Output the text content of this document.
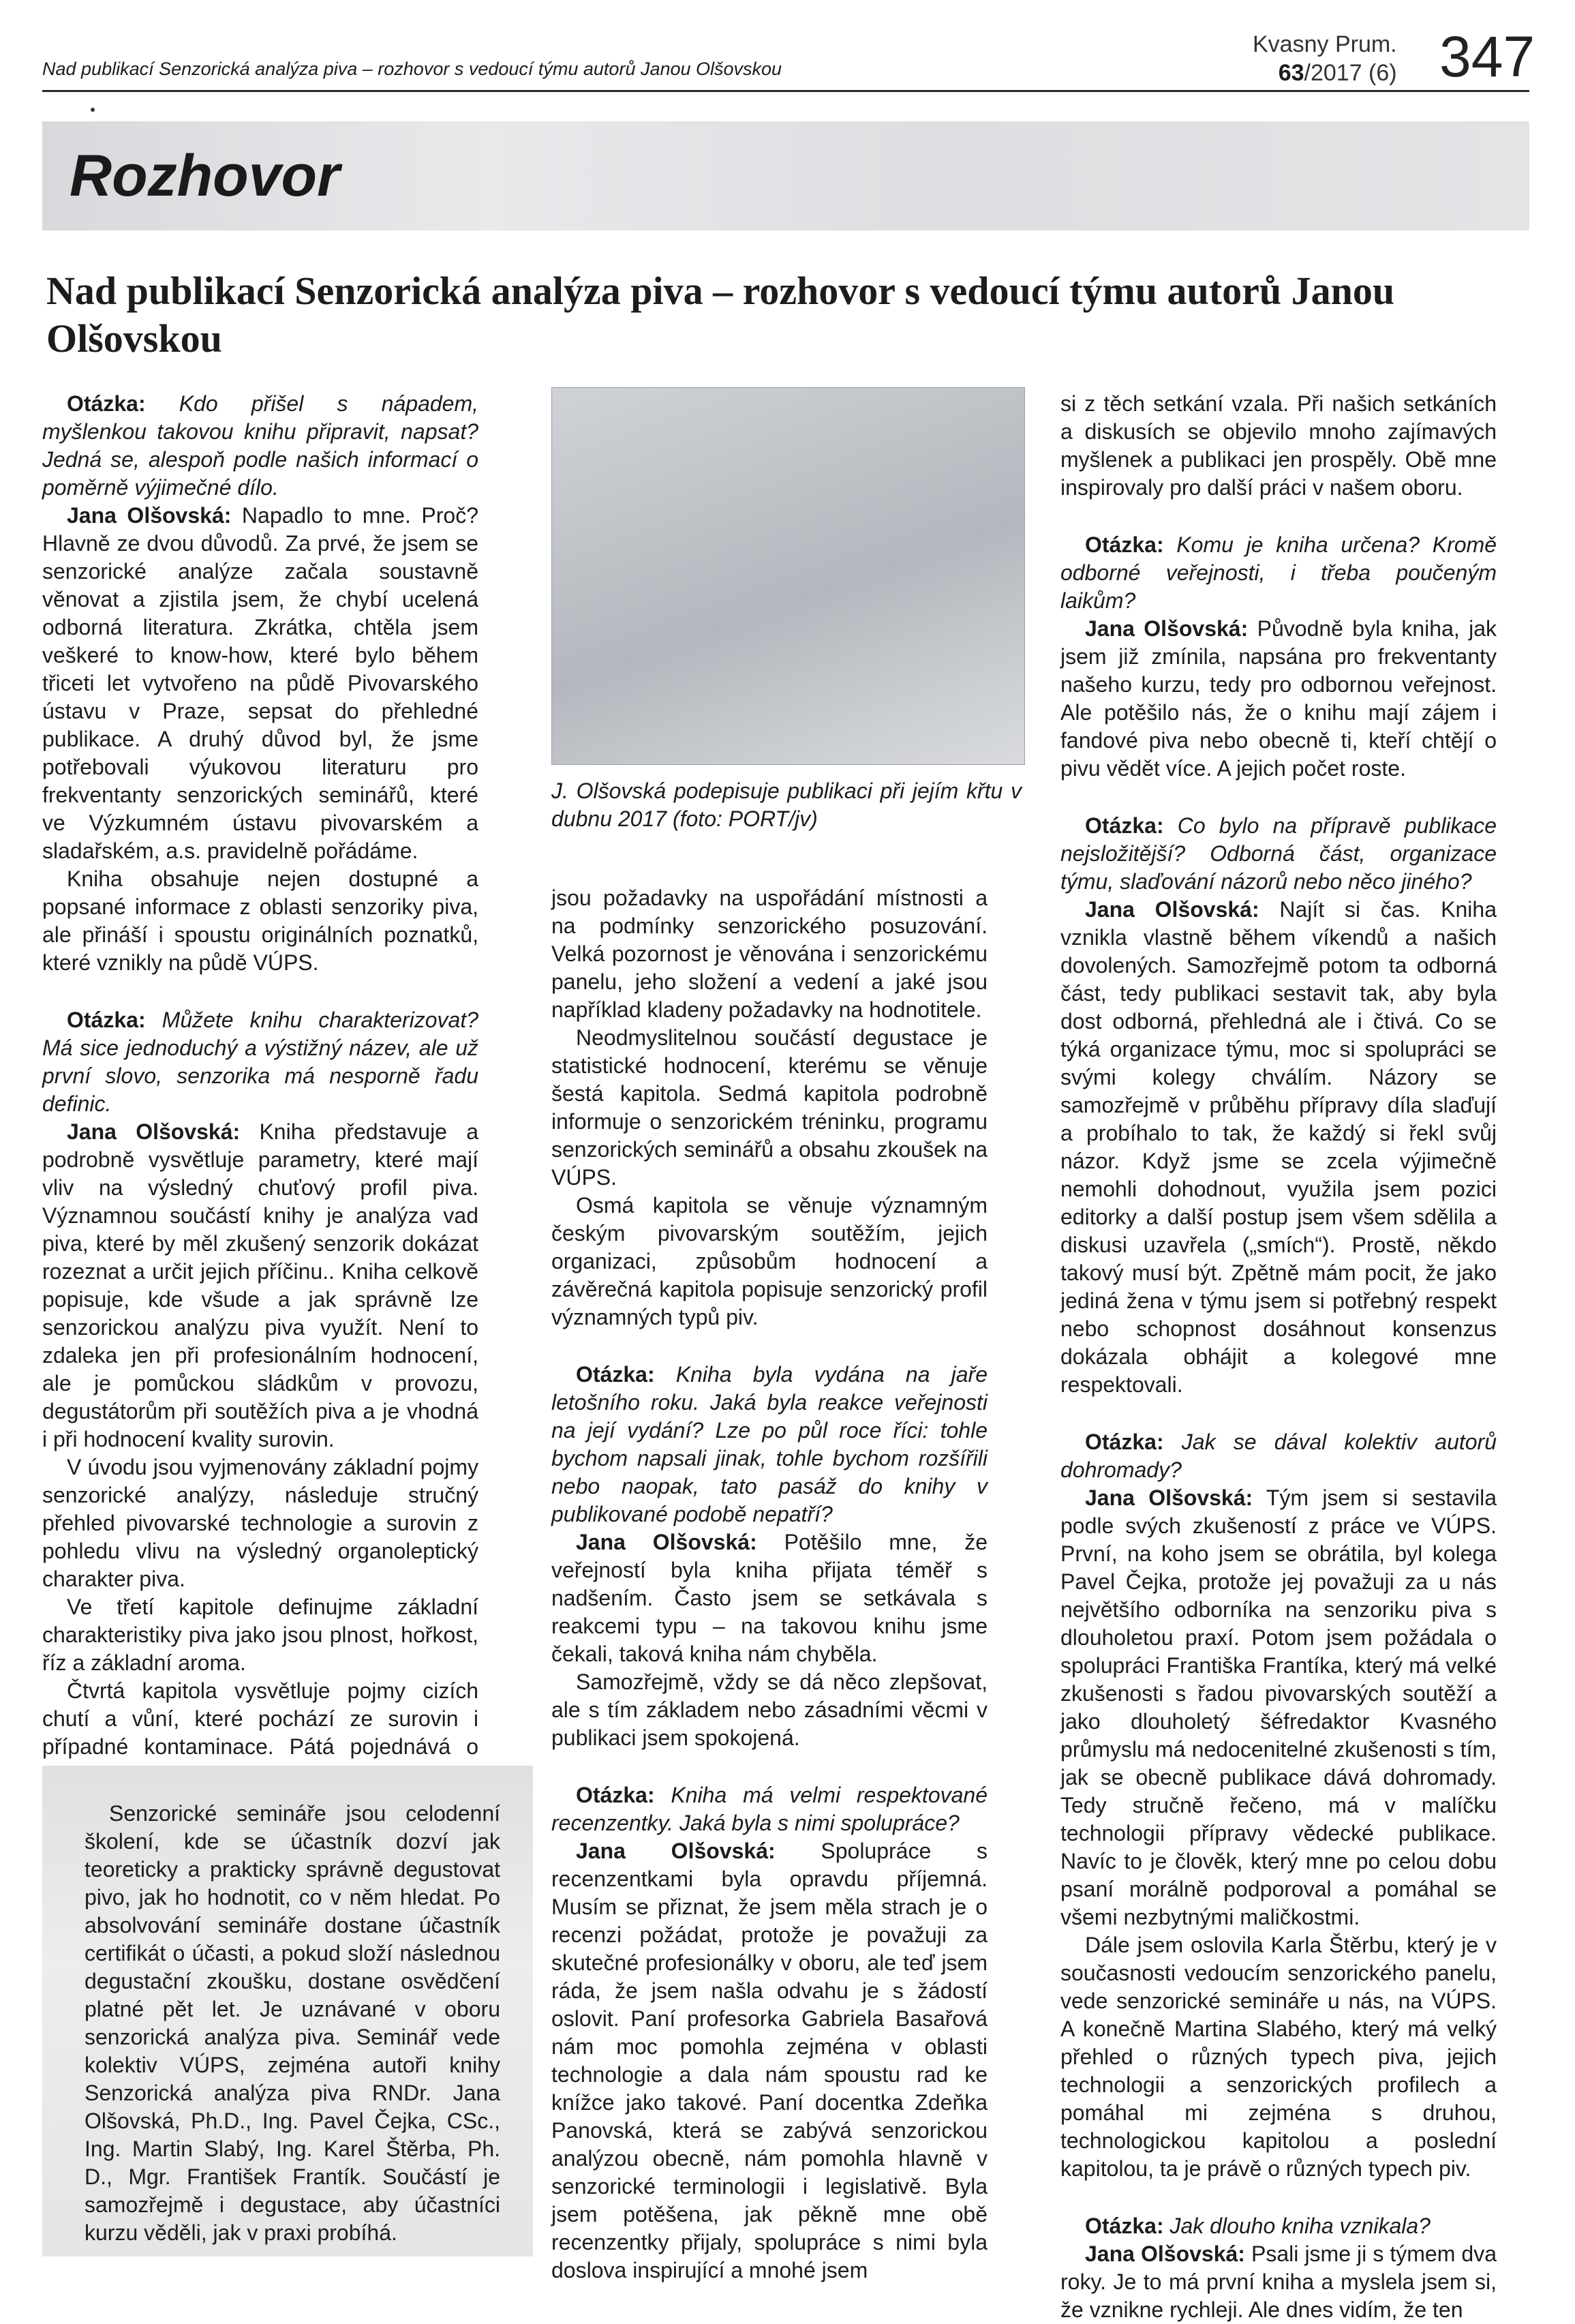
Nad publikací Senzorická analýza piva – rozhovor s vedoucí týmu autorů Janou Olšovskou
Kvasny Prum.
63/2017 (6) 347
Rozhovor
Nad publikací Senzorická analýza piva – rozhovor s vedoucí týmu autorů Janou Olšovskou

Otázka: Kdo přišel s nápadem, myšlenkou takovou knihu připravit, napsat? Jedná se, alespoň podle našich informací o poměrně výjimečné dílo.

Jana Olšovská: Napadlo to mne. Proč? Hlavně ze dvou důvodů. Za prvé, že jsem se senzorické analýze začala soustavně věnovat a zjistila jsem, že chybí ucelená odborná literatura. Zkrátka, chtěla jsem veškeré to know-how, které bylo během třiceti let vytvořeno na půdě Pivovarského ústavu v Praze, sepsat do přehledné publikace. A druhý důvod byl, že jsme potřebovali výukovou literaturu pro frekventanty senzorických seminářů, které ve Výzkumném ústavu pivovarském a sladařském, a.s. pravidelně pořádáme.

Kniha obsahuje nejen dostupné a popsané informace z oblasti senzoriky piva, ale přináší i spoustu originálních poznatků, které vznikly na půdě VÚPS.

Otázka: Můžete knihu charakterizovat? Má sice jednoduchý a výstižný název, ale už první slovo, senzorika má nesporně řadu definic.

Jana Olšovská: Kniha představuje a podrobně vysvětluje parametry, které mají vliv na výsledný chuťový profil piva. Významnou součástí knihy je analýza vad piva, které by měl zkušený senzorik dokázat rozeznat a určit jejich příčinu.. Kniha celkově popisuje, kde všude a jak správně lze senzorickou analýzu piva využít. Není to zdaleka jen při profesionálním hodnocení, ale je pomůckou sládkům v provozu, degustátorům při soutěžích piva a je vhodná i při hodnocení kvality surovin.

V úvodu jsou vyjmenovány základní pojmy senzorické analýzy, následuje stručný přehled pivovarské technologie a surovin z pohledu vlivu na výsledný organoleptický charakter piva.

Ve třetí kapitole definujme základní charakteristiky piva jako jsou plnost, hořkost, říz a základní aroma.

Čtvrtá kapitola vysvětluje pojmy cizích chutí a vůní, které pochází ze surovin i případné kontaminace. Pátá pojednává o

Senzorické semináře jsou celodenní školení, kde se účastník dozví jak teoreticky a prakticky správně degustovat pivo, jak ho hodnotit, co v něm hledat. Po absolvování semináře dostane účastník certifikát o účasti, a pokud složí následnou degustační zkoušku, dostane osvědčení platné pět let. Je uznávané v oboru senzorická analýza piva. Seminář vede kolektiv VÚPS, zejména autoři knihy Senzorická analýza piva RNDr. Jana Olšovská, Ph.D., Ing. Pavel Čejka, CSc., Ing. Martin Slabý, Ing. Karel Štěrba, Ph. D., Mgr. František Frantík. Součástí je samozřejmě i degustace, aby účastníci kurzu věděli, jak v praxi probíhá.
J. Olšovská podepisuje publikaci při jejím křtu v dubnu 2017 (foto: PORT/jv)

jsou požadavky na uspořádání místnosti a na podmínky senzorického posuzování. Velká pozornost je věnována i senzorickému panelu, jeho složení a vedení a jaké jsou například kladeny požadavky na hodnotitele.

Neodmyslitelnou součástí degustace je statistické hodnocení, kterému se věnuje šestá kapitola. Sedmá kapitola podrobně informuje o senzorickém tréninku, programu senzorických seminářů a obsahu zkoušek na VÚPS.

Osmá kapitola se věnuje významným českým pivovarským soutěžím, jejich organizaci, způsobům hodnocení a závěrečná kapitola popisuje senzorický profil významných typů piv.

Otázka: Kniha byla vydána na jaře letošního roku. Jaká byla reakce veřejnosti na její vydání? Lze po půl roce říci: tohle bychom napsali jinak, tohle bychom rozšířili nebo naopak, tato pasáž do knihy v publikované podobě nepatří?

Jana Olšovská: Potěšilo mne, že veřejností byla kniha přijata téměř s nadšením. Často jsem se setkávala s reakcemi typu – na takovou knihu jsme čekali, taková kniha nám chyběla.

Samozřejmě, vždy se dá něco zlepšovat, ale s tím základem nebo zásadními věcmi v publikaci jsem spokojená.

Otázka: Kniha má velmi respektované recenzentky. Jaká byla s nimi spolupráce?

Jana Olšovská: Spolupráce s recenzentkami byla opravdu příjemná. Musím se přiznat, že jsem měla strach je o recenzi požádat, protože je považuji za skutečné profesionálky v oboru, ale teď jsem ráda, že jsem našla odvahu je s žádostí oslovit. Paní profesorka Gabriela Basařová nám moc pomohla zejména v oblasti technologie a dala nám spoustu rad ke knížce jako takové. Paní docentka Zdeňka Panovská, která se zabývá senzorickou analýzou obecně, nám pomohla hlavně v senzorické terminologii i legislativě. Byla jsem potěšena, jak pěkně mne obě recenzentky přijaly, spolupráce s nimi byla doslova inspirující a mnohé jsem

si z těch setkání vzala. Při našich setkáních a diskusích se objevilo mnoho zajímavých myšlenek a publikaci jen prospěly. Obě mne inspirovaly pro další práci v našem oboru.

Otázka: Komu je kniha určena? Kromě odborné veřejnosti, i třeba poučeným laikům?

Jana Olšovská: Původně byla kniha, jak jsem již zmínila, napsána pro frekventanty našeho kurzu, tedy pro odbornou veřejnost. Ale potěšilo nás, že o knihu mají zájem i fandové piva nebo obecně ti, kteří chtějí o pivu vědět více. A jejich počet roste.

Otázka: Co bylo na přípravě publikace nejsložitější? Odborná část, organizace týmu, slaďování názorů nebo něco jiného?

Jana Olšovská: Najít si čas. Kniha vznikla vlastně během víkendů a našich dovolených. Samozřejmě potom ta odborná část, tedy publikaci sestavit tak, aby byla dost odborná, přehledná ale i čtivá. Co se týká organizace týmu, moc si spolupráci se svými kolegy chválím. Názory se samozřejmě v průběhu přípravy díla slaďují a probíhalo to tak, že každý si řekl svůj názor. Když jsme se zcela výjimečně nemohli dohodnout, využila jsem pozici editorky a další postup jsem všem sdělila a diskusi uzavřela („smích“). Prostě, někdo takový musí být. Zpětně mám pocit, že jako jediná žena v týmu jsem si potřebný respekt nebo schopnost dosáhnout konsenzus dokázala obhájit a kolegové mne respektovali.

Otázka: Jak se dával kolektiv autorů dohromady?

Jana Olšovská: Tým jsem si sestavila podle svých zkušeností z práce ve VÚPS. První, na koho jsem se obrátila, byl kolega Pavel Čejka, protože jej považuji za u nás největšího odborníka na senzoriku piva s dlouholetou praxí. Potom jsem požádala o spolupráci Františka Frantíka, který má velké zkušenosti s řadou pivovarských soutěží a jako dlouholetý šéfredaktor Kvasného průmyslu má nedocenitelné zkušenosti s tím, jak se obecně publikace dává dohromady. Tedy stručně řečeno, má v malíčku technologii přípravy vědecké publikace. Navíc to je člověk, který mne po celou dobu psaní morálně podporoval a pomáhal se všemi nezbytnými maličkostmi.

Dále jsem oslovila Karla Štěrbu, který je v současnosti vedoucím senzorického panelu, vede senzorické semináře u nás, na VÚPS. A konečně Martina Slabého, který má velký přehled o různých typech piva, jejich technologii a senzorických profilech a pomáhal mi zejména s druhou, technologickou kapitolou a poslední kapitolou, ta je právě o různých typech piv.

Otázka: Jak dlouho kniha vznikala?

Jana Olšovská: Psali jsme ji s týmem dva roky. Je to má první kniha a myslela jsem si, že vznikne rychleji. Ale dnes vidím, že ten
